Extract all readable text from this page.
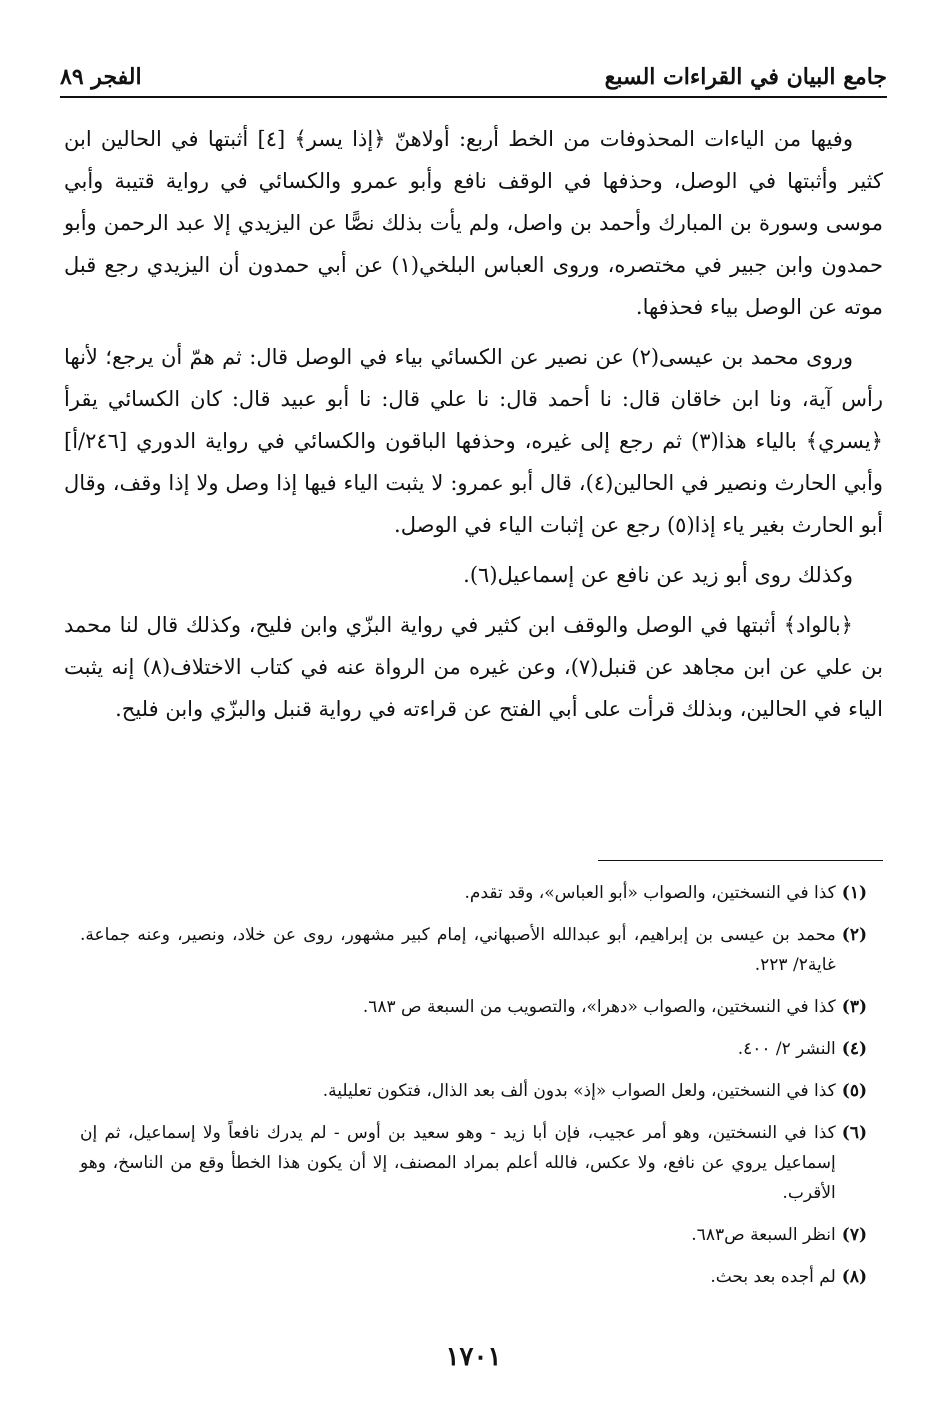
جامع البيان في القراءات السبع
الفجر ٨٩

وفيها من الياءات المحذوفات من الخط أربع: أولاهنّ ﴿إذا يسر﴾ [٤] أثبتها في الحالين ابن كثير وأثبتها في الوصل، وحذفها في الوقف نافع وأبو عمرو والكسائي في رواية قتيبة وأبي موسى وسورة بن المبارك وأحمد بن واصل، ولم يأت بذلك نصًّا عن اليزيدي إلا عبد الرحمن وأبو حمدون وابن جبير في مختصره، وروى العباس البلخي(١) عن أبي حمدون أن اليزيدي رجع قبل موته عن الوصل بياء فحذفها.

وروى محمد بن عيسى(٢) عن نصير عن الكسائي بياء في الوصل قال: ثم همّ أن يرجع؛ لأنها رأس آية، ونا ابن خاقان قال: نا أحمد قال: نا علي قال: نا أبو عبيد قال: كان الكسائي يقرأ ﴿يسري﴾ بالياء هذا(٣) ثم رجع إلى غيره، وحذفها الباقون والكسائي في رواية الدوري [٢٤٦/أ] وأبي الحارث ونصير في الحالين(٤)، قال أبو عمرو: لا يثبت الياء فيها إذا وصل ولا إذا وقف، وقال أبو الحارث بغير ياء إذا(٥) رجع عن إثبات الياء في الوصل.

وكذلك روى أبو زيد عن نافع عن إسماعيل(٦).

﴿بالواد﴾ أثبتها في الوصل والوقف ابن كثير في رواية البزّي وابن فليح، وكذلك قال لنا محمد بن علي عن ابن مجاهد عن قنبل(٧)، وعن غيره من الرواة عنه في كتاب الاختلاف(٨) إنه يثبت الياء في الحالين، وبذلك قرأت على أبي الفتح عن قراءته في رواية قنبل والبزّي وابن فليح.

(١)
كذا في النسختين، والصواب «أبو العباس»، وقد تقدم.
(٢)
محمد بن عيسى بن إبراهيم، أبو عبدالله الأصبهاني، إمام كبير مشهور، روى عن خلاد، ونصير، وعنه جماعة. غاية٢/ ٢٢٣.
(٣)
كذا في النسختين، والصواب «دهرا»، والتصويب من السبعة ص ٦٨٣.
(٤)
النشر ٢/ ٤٠٠.
(٥)
كذا في النسختين، ولعل الصواب «إذ» بدون ألف بعد الذال، فتكون تعليلية.
(٦)
كذا في النسختين، وهو أمر عجيب، فإن أبا زيد - وهو سعيد بن أوس - لم يدرك نافعاً ولا إسماعيل، ثم إن إسماعيل يروي عن نافع، ولا عكس، فالله أعلم بمراد المصنف، إلا أن يكون هذا الخطأ وقع من الناسخ، وهو الأقرب.
(٧)
انظر السبعة ص٦٨٣.
(٨)
لم أجده بعد بحث.
١٧٠١
